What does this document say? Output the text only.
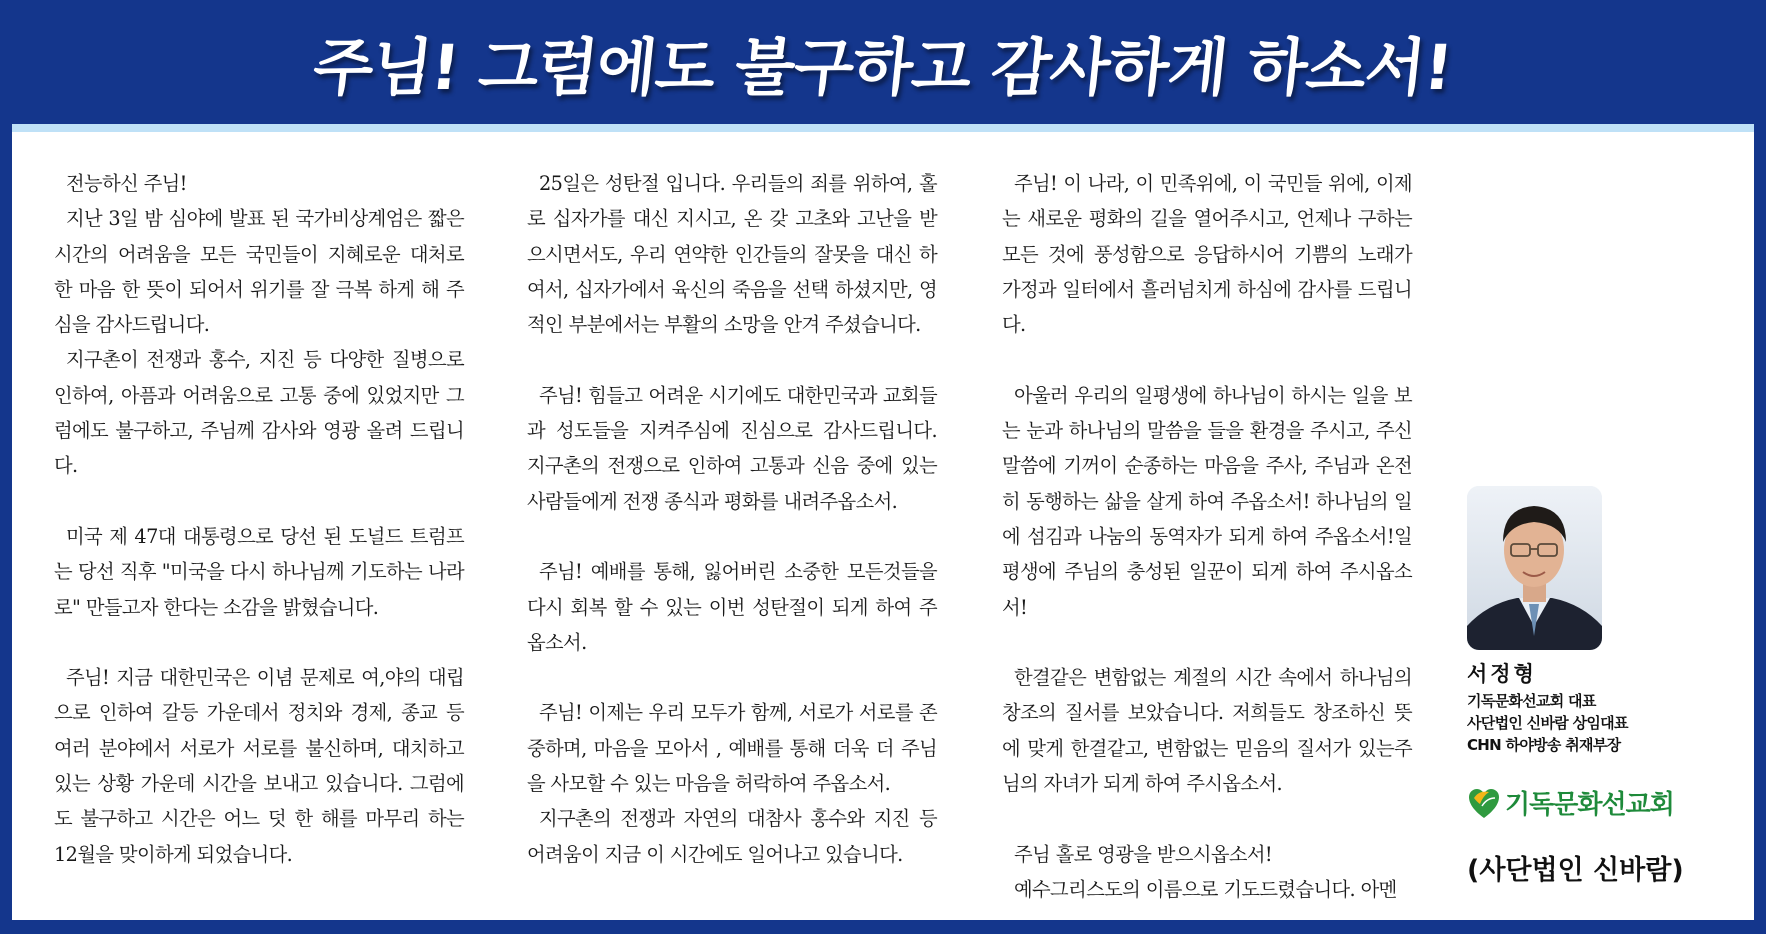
주님! 그럼에도 불구하고 감사하게 하소서!

전능하신 주님!

지난 3일 밤 심야에 발표 된 국가비상계엄은 짧은 시간의 어려움을 모든 국민들이 지혜로운 대처로 한 마음 한 뜻이 되어서 위기를 잘 극복 하게 해 주심을 감사드립니다.

지구촌이 전쟁과 홍수, 지진 등 다양한 질병으로 인하여, 아픔과 어려움으로 고통 중에 있었지만 그럼에도 불구하고, 주님께 감사와 영광 올려 드립니다.

미국 제 47대 대통령으로 당선 된 도널드 트럼프는 당선 직후 "미국을 다시 하나님께 기도하는 나라로" 만들고자 한다는 소감을 밝혔습니다.

주님! 지금 대한민국은 이념 문제로 여,야의 대립으로 인하여 갈등 가운데서 정치와 경제, 종교 등 여러 분야에서 서로가 서로를 불신하며, 대치하고 있는 상황 가운데 시간을 보내고 있습니다. 그럼에도 불구하고 시간은 어느 덧 한 해를 마무리 하는 12월을 맞이하게 되었습니다.

25일은 성탄절 입니다. 우리들의 죄를 위하여, 홀로 십자가를 대신 지시고, 온 갖 고초와 고난을 받으시면서도, 우리 연약한 인간들의 잘못을 대신 하여서, 십자가에서 육신의 죽음을 선택 하셨지만, 영적인 부분에서는 부활의 소망을 안겨 주셨습니다.

주님! 힘들고 어려운 시기에도 대한민국과 교회들과 성도들을 지켜주심에 진심으로 감사드립니다. 지구촌의 전쟁으로 인하여 고통과 신음 중에 있는 사람들에게 전쟁 종식과 평화를 내려주옵소서.

주님! 예배를 통해, 잃어버린 소중한 모든것들을 다시 회복 할 수 있는 이번 성탄절이 되게 하여 주옵소서.

주님! 이제는 우리 모두가 함께, 서로가 서로를 존중하며, 마음을 모아서 , 예배를 통해 더욱 더 주님을 사모할 수 있는 마음을 허락하여 주옵소서.

지구촌의 전쟁과 자연의 대참사 홍수와 지진 등 어려움이 지금 이 시간에도 일어나고 있습니다.

주님! 이 나라, 이 민족위에, 이 국민들 위에, 이제는 새로운 평화의 길을 열어주시고, 언제나 구하는 모든 것에 풍성함으로 응답하시어 기쁨의 노래가 가정과 일터에서 흘러넘치게 하심에 감사를 드립니다.

아울러 우리의 일평생에 하나님이 하시는 일을 보는 눈과 하나님의 말씀을 들을 환경을 주시고, 주신 말씀에 기꺼이 순종하는 마음을 주사, 주님과 온전히 동행하는 삶을 살게 하여 주옵소서! 하나님의 일에 섬김과 나눔의 동역자가 되게 하여 주옵소서!일평생에 주님의 충성된 일꾼이 되게 하여 주시옵소서!

한결같은 변함없는 계절의 시간 속에서 하나님의 창조의 질서를 보았습니다. 저희들도 창조하신 뜻에 맞게 한결같고, 변함없는 믿음의 질서가 있는주님의 자녀가 되게 하여 주시옵소서.

주님 홀로 영광을 받으시옵소서!

예수그리스도의 이름으로 기도드렸습니다. 아멘

서정형
기독문화선교회 대표
사단법인 신바람 상임대표
CHN 하야방송 취재부장
기독문화선교회
(사단법인 신바람)
